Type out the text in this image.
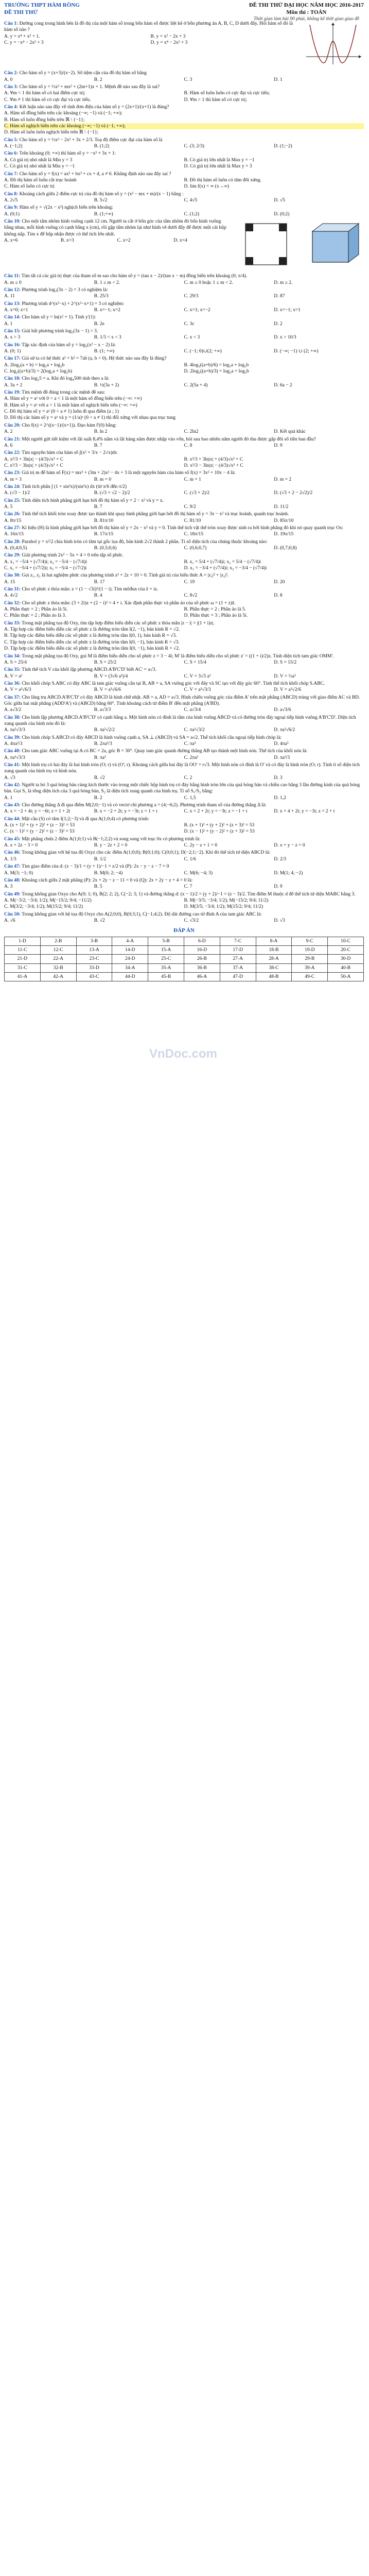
TRƯỜNG THPT HÀM RỒNG
ĐỀ THI THỬ
ĐỀ THI THỬ ĐẠI HỌC NĂM HỌC 2016-2017
Môn thi : TOÁN
Thời gian làm bài 90 phút, không kể thời gian giao đề
Câu 1: Đường cong trong hình bên là đồ thị của một hàm số trong bốn hàm số được liệt kê ở bốn phương án A, B, C, D dưới đây. Hỏi hàm số đó là hàm số nào ?
A. y = x⁴ + x² + 1.	B. y = x² − 2x + 3
C. y = −x⁴ − 2x² + 3	D. y = x⁴ − 2x² + 3
Câu 2: Cho hàm số y = (x+3)/(x−2). Số tiệm cận của đồ thị hàm số bằng
A. 0	B. 2	C. 3	D. 1
Câu 3: Cho hàm số y = ⅓x³ + mx² + (2m+1)x + 1. Mệnh đề nào sau đây là sai?
A. ∀m < 1 thì hàm số có hai điểm cực trị;	B. Hàm số luôn luôn có cực đại và cực tiểu;
C. ∀m ≠ 1 thì hàm số có cực đại và cực tiểu.	D. ∀m > 1 thì hàm số có cực trị;
Câu 4: Kết luận nào sau đây về tính đơn điệu của hàm số y = (2x+1)/(x+1) là đúng?
A. Hàm số đồng biến trên các khoảng (−∞; −1) và (−1; +∞);
B. Hàm số luôn đồng biến trên ℝ \ {−1};
C. Hàm số nghịch biến trên các khoảng (−∞; −1) và (−1; +∞);
D. Hàm số luôn luôn nghịch biến trên ℝ \ {−1};
Câu 5: Cho hàm số y = ⅓x³ − 2x² + 3x + 2/3. Toạ độ điểm cực đại của hàm số là
A. (−1;2)	B. (1;2)	C. (3; 2/3)	D. (1;−2)
Câu 6: Trên khoảng (0; +∞) thì hàm số y = −x³ + 3x + 1:
A. Có giá trị nhỏ nhất là Min y = 3	B. Có giá trị lớn nhất là Max y = −1
C. Có giá trị nhỏ nhất là Min y = −1	D. Có giá trị lớn nhất là Max y = 3
Câu 7: Cho hàm số y = f(x) = ax³ + bx² + cx + d, a ≠ 0. Khẳng định nào sau đây sai ?
A. Đồ thị hàm số luôn cắt trục hoành	B. Đồ thị hàm số luôn có tâm đối xứng.
C. Hàm số luôn có cực trị	D. lim f(x) = ∞ (x→∞)
Câu 8: Khoảng cách giữa 2 điểm cực trị của đồ thị hàm số y = (x² − mx + m)/(x − 1) bằng :
A. 2√5	B. 5√2	C. 4√5	D. √5
Câu 9: Hàm số y = √(2x − x²) nghịch biến trên khoảng:
A. (0;1)	B. (1;+∞)	C. (1;2)	D. (0;2)
Câu 10: Cho một tấm nhôm hình vuông cạnh 12 cm. Người ta cắt ở bốn góc của tấm nhôm đó bốn hình vuông bằng nhau, mỗi hình vuông có cạnh bằng x (cm), rồi gập tấm nhôm lại như hình vẽ dưới đây để được một cái hộp không nắp. Tìm x để hộp nhận được có thể tích lớn nhất.
A. x=6	B. x=3	C. x=2	D. x=4
Câu 11: Tìm tất cả các giá trị thực của tham số m sao cho hàm số y = (tan x − 2)/(tan x − m) đồng biến trên khoảng (0; π/4).
A. m ≤ 0	B. 1 ≤ m < 2.	C. m ≤ 0 hoặc 1 ≤ m < 2.	D. m ≥ 2.
Câu 12: Phương trình log₃(3x − 2) = 3 có nghiệm là:
A. 11	B. 25/3	C. 29/3	D. 87
Câu 13: Phương trình 4^(x²−x) + 2^(x²−x+1) = 3 có nghiệm:
A. x=0; x=1	B. x=−1; x=2	C. x=1; x=−2	D. x=−1; x=1
Câu 14: Cho hàm số y = ln(x² + 1). Tính y'(1):
A. 1	B. 2e	C. 3c	D. 2
Câu 15: Giải bất phương trình log₂(3x − 1) > 3.
A. x > 3	B. 1/3 < x < 3	C. x < 3	D. x > 10/3
Câu 16: Tập xác định của hàm số y = log₂(x² − x − 2) là:
A. (0; 1)	B. (1; +∞)	C. (−1; 0)∪(2; +∞)	D. (−∞; −1) ∪ (2; +∞)
Câu 17: Giả sử ta có hệ thức a² + b² = 7ab (a, b > 0). Hệ thức nào sau đây là đúng?
A. 2log₂(a + b) = log₂a + log₂b	B. 4log₂((a+b)/6) = log₂a + log₂b
C. log₂((a+b)/3) = 2(log₂a + log₂b)	D. 2log₂((a+b)/3) = log₂a + log₂b
Câu 18: Cho log₂5 = a. Khi đó log₄500 tính theo a là:
A. 3a + 2	B. ½(3a + 2)	C. 2(5a + 4)	D. 6a − 2
Câu 19: Tìm mệnh đề đúng trong các mệnh đề sau:
A. Hàm số y = aˣ với 0 < a < 1 là một hàm số đồng biến trên (−∞: +∞)
B. Hàm số y = aˣ với a > 1 là một hàm số nghịch biến trên (−∞: +∞)
C. Đồ thị hàm số y = aˣ (0 < a ≠ 1) luôn đi qua điểm (a ; 1)
D. Đồ thị các hàm số y = aˣ và y = (1/a)ˣ (0 < a ≠ 1) thì đối xứng với nhau qua trục tung
Câu 20: Cho f(x) = 2^((x−1)/(x+1)). Đạo hàm f'(0) bằng:
A. 2	B. ln 2	C. 2ln2	D. Kết quả khác
Câu 21: Một người gửi tiết kiệm với lãi suất 8,4% năm và lãi hàng năm được nhập vào vốn, hỏi sau bao nhiêu năm người đó thu được gấp đôi số tiền ban đầu?
A. 6	B. 7	C. 8	D. 9
Câu 22: Tìm nguyên hàm của hàm số ∫(x² + 3/x − 2√x)dx
A. x³/3 + 3ln|x| − (4/3)√x³ + C	B. x³/3 + 3ln|x| + (4/3)√x³ + C
C. x³/3 − 3ln|x| + (4/3)√x³ + C	D. x³/3 − 3ln|x| − (4/3)√x³ + C
Câu 23: Giá trị m để hàm số F(x) = mx³ + (3m + 2)x² − 4x + 3 là một nguyên hàm của hàm số f(x) = 3x² + 10x − 4 là:
A. m = 3	B. m = 0	C. m = 1	D. m = 2
Câu 24: Tính tích phân ∫ (1 + sin³x)/(sin²x) dx (từ π/6 đến π/2)
A. (√3 − 1)/2	B. (√3 + √2 − 2)/2	C. (√3 + 2)/2	D. (√3 + 2 − 2√2)/2
Câu 25: Tính diện tích hình phẳng giới hạn bởi đồ thị hàm số y = 2 − x² và y = x.
A. 5	B. 7	C. 9/2	D. 11/2
Câu 26: Tính thể tích khối tròn xoay được tạo thành khi quay hình phẳng giới hạn bởi đồ thị hàm số y = 3x − x² và trục hoành, quanh trục hoành.
A. 8π/15	B. 81π/10	C. 81/10	D. 85π/10
Câu 27: Kí hiệu (H) là hình phẳng giới hạn bởi đồ thị hàm số y = 2x − x² và y = 0. Tính thể tích vật thể tròn xoay được sinh ra bởi hình phẳng đó khi nó quay quanh trục Ox:
A. 16π/15	B. 17π/15	C. 18π/15	D. 19π/15
Câu 28: Parabol y = x²/2 chia hình tròn có tâm tại gốc tọa độ, bán kính 2√2 thành 2 phần. Tỉ số diện tích của chúng thuộc khoảng nào:
A. (0,4;0,5)	B. (0,5;0,6)	C. (0,6;0,7)	D. (0,7;0,8)
Câu 29: Giải phương trình 2x² − 5x + 4 = 0 trên tập số phức.
A. x₁ = −5/4 + (√7/4)i; x₂ = −5/4 − (√7/4)i	B. x₁ = 5/4 + (√7/4)i; x₂ = 5/4 − (√7/4)i
C. x₁ = −5/4 + (√7/2)i; x₂ = −5/4 − (√7/2)i	D. x₁ = −3/4 + (√7/4)i; x₂ = −3/4 − (√7/4)i
Câu 30: Gọi z₁, z₂ là hai nghiệm phức của phương trình z² + 2z + 10 = 0. Tính giá trị của biểu thức A = |z₁|² + |z₂|².
A. 15	B. 17	C. 19	D. 20
Câu 31: Cho số phức z thỏa mãn: z = (1 − √3i)³/(1 − i). Tìm môđun của z̄ + iz.
A. 4√2	B. 4	C. 8√2	D. 8
Câu 32: Cho số phức z thỏa mãn: (3 + 2i)z + (2 − i)² = 4 + i. Xác định phần thực và phần ảo của số phức ω = (1 + z)z̄.
A. Phần thực = 2 ; Phần ảo là 5i.	B. Phần thực = 2 ; Phần ảo là 5.
C. Phần thực = 2 ; Phần ảo là 3.	D. Phần thực = 3 ; Phần ảo là 5i.
Câu 33: Trong mặt phẳng tọa độ Oxy, tìm tập hợp điểm biểu diễn các số phức z thỏa mãn |z − i| = |(1 + i)z|.
A. Tập hợp các điểm biểu diễn các số phức z là đường tròn tâm I(2, −1), bán kính R = √2.
B. Tập hợp các điểm biểu diễn các số phức z là đường tròn tâm I(0, 1), bán kính R = √3.
C. Tập hợp các điểm biểu diễn các số phức z là đường tròn tâm I(0, −1), bán kính R = √3.
D. Tập hợp các điểm biểu diễn các số phức z là đường tròn tâm I(0, −1), bán kính R = √2.
Câu 34: Trong mặt phẳng tọa độ Oxy, gọi M là điểm biểu diễn cho số phức z = 3 − 4i; M' là điểm biểu diễn cho số phức z' = ((1 + i)/2)z. Tính diện tích tam giác OMM'.
A. S = 25/4	B. S = 25/2	C. S = 15/4	D. S = 15/2
Câu 35: Tính thể tích V của khối lập phương ABCD.A'B'C'D' biết AC' = a√3.
A. V = a³	B. V = (3√6 a³)/4	C. V = 3√3 a³	D. V = ⅓a³
Câu 36: Cho khối chóp S.ABC có đáy ABC là tam giác vuông cân tại B, AB = a, SA vuông góc với đáy và SC tạo với đáy góc 60°. Tính thể tích khối chóp S.ABC.
A. V = a³√6/3	B. V = a³√6/6	C. V = a³√3/3	D. V = a³√2/6
Câu 37: Cho lăng trụ ABCD.A'B'C'D' có đáy ABCD là hình chữ nhật. AB = a, AD = a√3. Hình chiếu vuông góc của điểm A' trên mặt phẳng (ABCD) trùng với giao điểm AC và BD. Góc giữa hai mặt phẳng (ADD'A') và (ABCD) bằng 60°. Tính khoảng cách từ điểm B' đến mặt phẳng (A'BD).
A. a√3/2	B. a√3/3	C. a√3/4	D. a√3/6
Câu 38: Cho hình lập phương ABCD.A'B'C'D' có cạnh bằng a. Một hình nón có đỉnh là tâm của hình vuông ABCD và có đường tròn đáy ngoại tiếp hình vuông A'B'C'D'. Diện tích xung quanh của hình nón đó là:
A. πa²√3/3	B. πa²√2/2	C. πa²√3/2	D. πa²√6/2
Câu 39: Cho hình chóp S.ABCD có đáy ABCD là hình vuông cạnh a, SA ⊥ (ABCD) và SA = a√2. Thể tích khối cầu ngoại tiếp hình chóp là:
A. 4πa³/3	B. 2πa³/3	C. πa³	D. 4πa³
Câu 40: Cho tam giác ABC vuông tại A có BC = 2a, góc B = 30°. Quay tam giác quanh đường thẳng AB tạo thành một hình nón. Thể tích của khối nón là:
A. πa³√3/3	B. πa³	C. 2πa³	D. πa³/3
Câu 41: Một hình trụ có hai đáy là hai hình tròn (O; r) và (O'; r). Khoảng cách giữa hai đáy là OO' = r√3. Một hình nón có đỉnh là O' và có đáy là hình tròn (O; r). Tính tỉ số diện tích xung quanh của hình trụ và hình nón.
A. √3	B. √2	C. 2	D. 3
Câu 42: Người ta bỏ 3 quả bóng bàn cùng kích thước vào trong một chiếc hộp hình trụ có đáy bằng hình tròn lớn của quả bóng bàn và chiều cao bằng 3 lần đường kính của quả bóng bàn. Gọi S₁ là tổng diện tích của 3 quả bóng bàn, S₂ là diện tích xung quanh của hình trụ. Tỉ số S₁/S₂ bằng:
A. 1	B. 2	C. 1,5	D. 1,2
Câu 43: Cho đường thẳng Δ đi qua điểm M(2;0;−1) và có vectơ chỉ phương a = (4;−6;2). Phương trình tham số của đường thẳng Δ là:
A. x = −2 + 4t; y = −6t; z = 1 + 2t	B. x = −2 + 2t; y = −3t; z = 1 + t	C. x = 2 + 2t; y = −3t; z = −1 + t	D. x = 4 + 2t; y = −3t; z = 2 + t
Câu 44: Mặt cầu (S) có tâm I(1;2;−3) và đi qua A(1;0;4) có phương trình:
A. (x + 1)² + (y + 2)² + (z − 3)² = 53	B. (x + 1)² + (y + 2)² + (z + 3)² = 53
C. (x − 1)² + (y − 2)² + (z − 3)² = 53	D. (x − 1)² + (y − 2)² + (z + 3)² = 53
Câu 45: Mặt phẳng chứa 2 điểm A(1;0;1) và B(−1;2;2) và song song với trục 0x có phương trình là:
A. x + 2z − 3 = 0	B. y − 2z + 2 = 0	C. 2y − z + 1 = 0	D. x + y − z = 0
Câu 46: Trong không gian với hệ tọa độ Oxyz cho các điểm A(1;0;0); B(0;1;0); C(0;0;1); D(−2;1;−2). Khi đó thể tích tứ diện ABCD là:
A. 1/3	B. 1/2	C. 1/6	D. 2/3
Câu 47: Tìm giao điểm của d: (x − 3)/1 = (y + 1)/−1 = z/2 và (P): 2x − y − z − 7 = 0
A. M(3; −1; 0)	B. M(0; 2; −4)	C. M(6; −4; 3)	D. M(1; 4; −2)
Câu 48: Khoảng cách giữa 2 mặt phẳng (P): 2x + 2y − z − 11 = 0 và (Q): 2x + 2y − z + 4 = 0 là:
A. 3	B. 5	C. 7	D. 9
Câu 49: Trong không gian Oxyz cho A(0; 1; 0), B(2; 2; 2), C(−2; 3; 1) và đường thẳng d: (x − 1)/2 = (y + 2)/−1 = (z − 3)/2. Tìm điểm M thuộc d để thể tích tứ diện MABC bằng 3.
A. M(−3/2; −3/4; 1/2); M(−15/2; 9/4; −11/2)	B. M(−3/5; −3/4; 1/2); M(−15/2; 9/4; 11/2)
C. M(3/2; −3/4; 1/2); M(15/2; 9/4; 11/2)	D. M(3/5; −3/4; 1/2); M(15/2; 9/4; 11/2)
Câu 50: Trong không gian với hệ tọa độ Oxyz cho A(2;0;0), B(0;3;1), C(−1;4;2). Độ dài đường cao từ đỉnh A của tam giác ABC là:
A. √6	B. √2	C. √3/2	D. √3
ĐÁP ÁN
1-D	2-B	3-B	4-A	5-B	6-D	7-C	8-A	9-C	10-C
11-C	12-C	13-A	14-D	15-A	16-D	17-D	18-B	19-D	20-C
21-D	22-A	23-C	24-D	25-C	26-B	27-A	28-A	29-B	30-D
31-C	32-B	33-D	34-A	35-A	36-B	37-A	38-C	39-A	40-B
41-A	42-A	43-C	44-D	45-B	46-A	47-D	48-B	49-C	50-A
VnDoc.com
